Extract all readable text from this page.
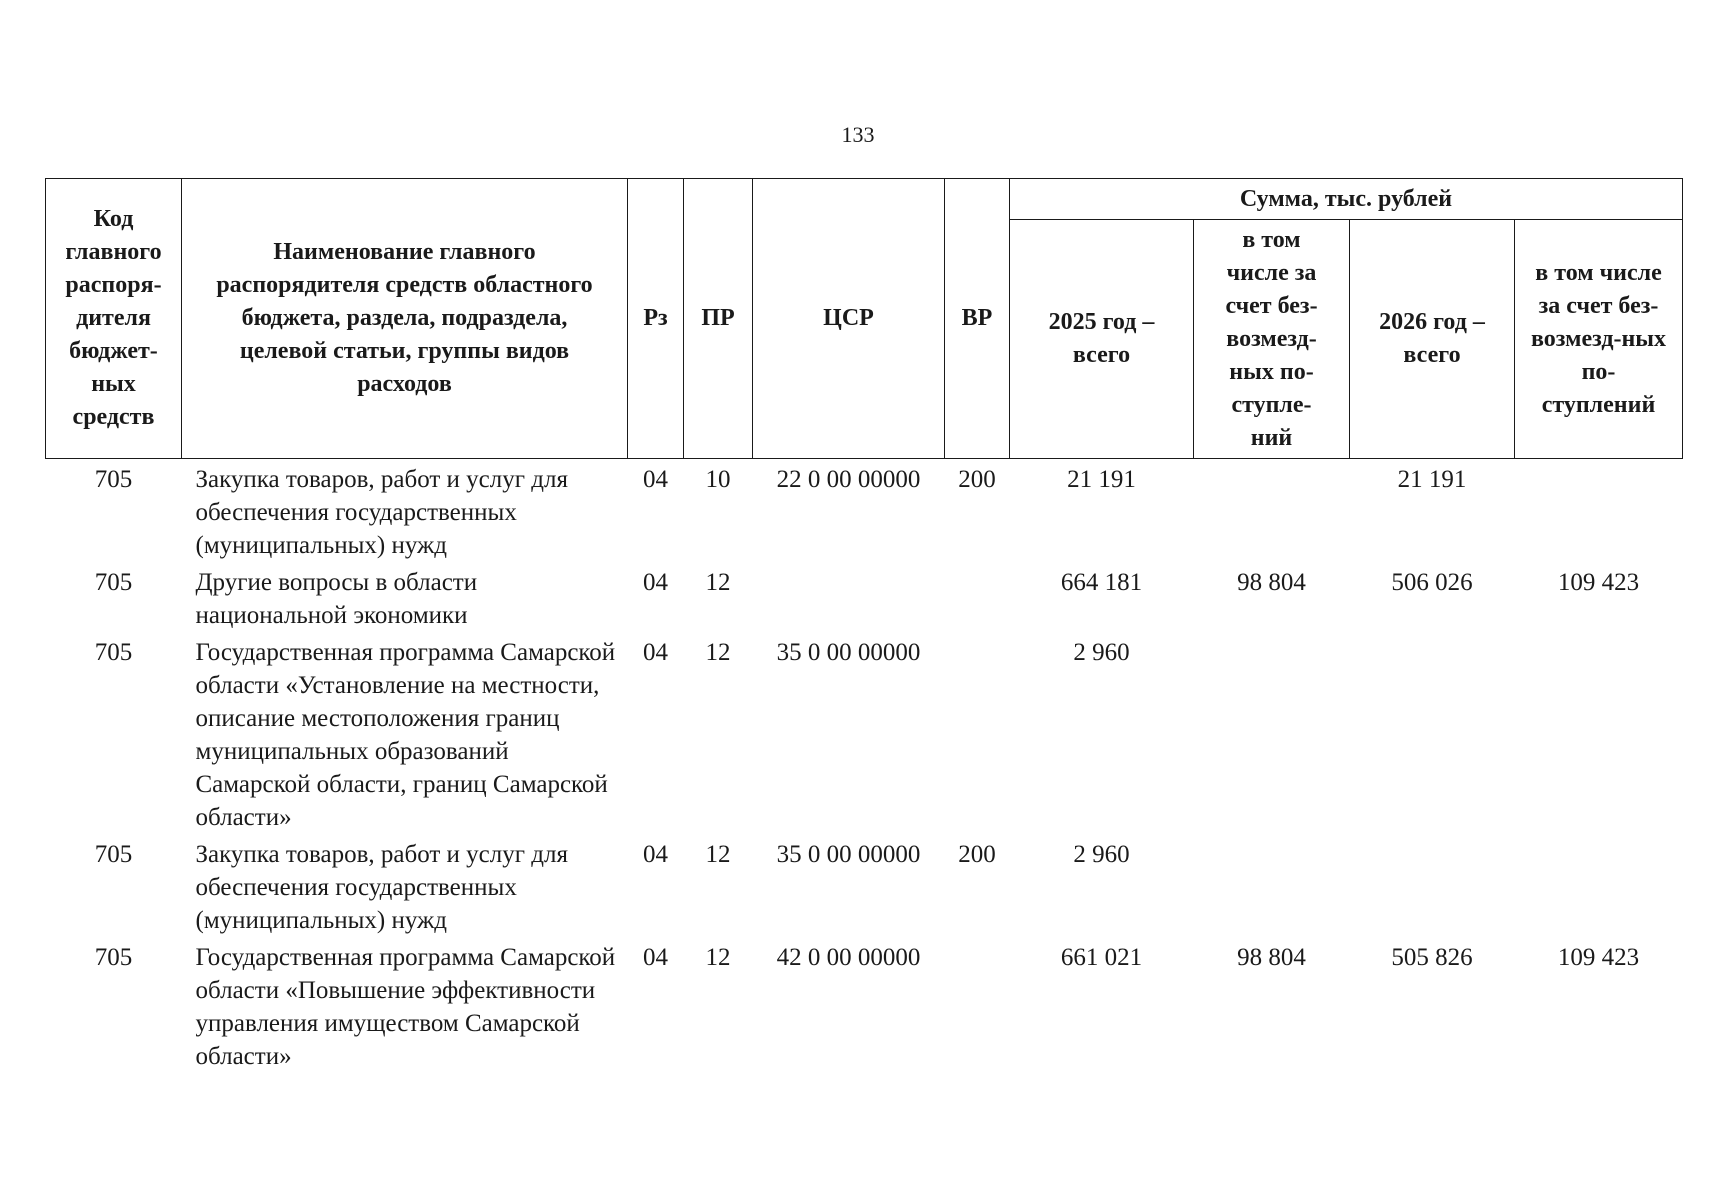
133
Код главного распоря-дителя бюджет-ных средств	Наименование главного распорядителя средств областного бюджета, раздела, подраздела, целевой статьи, группы видов расходов	Рз	ПР	ЦСР	ВР	Сумма, тыс. рублей			
						2025 год – всего	в том числе за счет без-возмезд-ных по-ступле-ний	2026 год – всего	в том числе за счет без-возмезд-ных по-ступлений
705	Закупка товаров, работ и услуг для обеспечения государственных (муниципальных) нужд	04	10	22 0 00 00000	200	21 191		21 191	
705	Другие вопросы в области национальной экономики	04	12			664 181	98 804	506 026	109 423
705	Государственная программа Самарской области «Установление на местности, описание местоположения границ муниципальных образований Самарской области, границ Самарской области»	04	12	35 0 00 00000		2 960			
705	Закупка товаров, работ и услуг для обеспечения государственных (муниципальных) нужд	04	12	35 0 00 00000	200	2 960			
705	Государственная программа Самарской области «Повышение эффективности управления имуществом Самарской области»	04	12	42 0 00 00000		661 021	98 804	505 826	109 423
